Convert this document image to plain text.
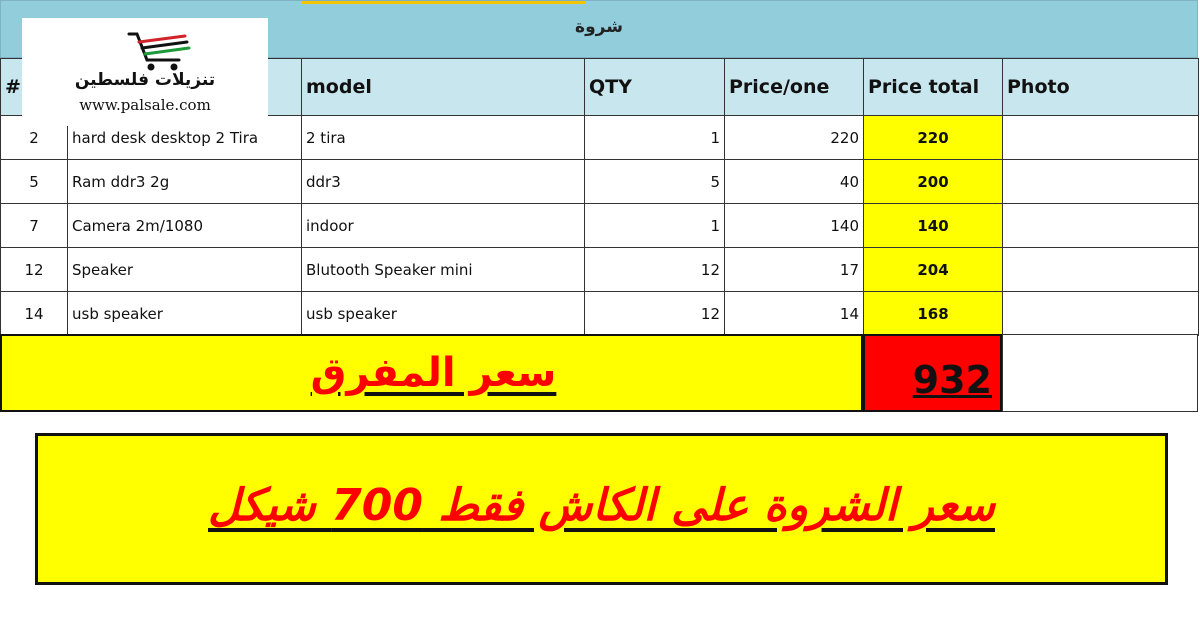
شروة
#		model	QTY	Price/one	Price total	Photo
2	hard desk desktop 2 Tira	2 tira	1	220	220	
5	Ram ddr3 2g	ddr3	5	40	200	
7	Camera 2m/1080	indoor	1	140	140	
12	Speaker	Blutooth Speaker mini	12	17	204	
14	usb speaker	usb speaker	12	14	168	
سعر المفرق	932
تنزيلات فلسطين
www.palsale.com
سعر الشروة على الكاش فقط 700 شيكل
